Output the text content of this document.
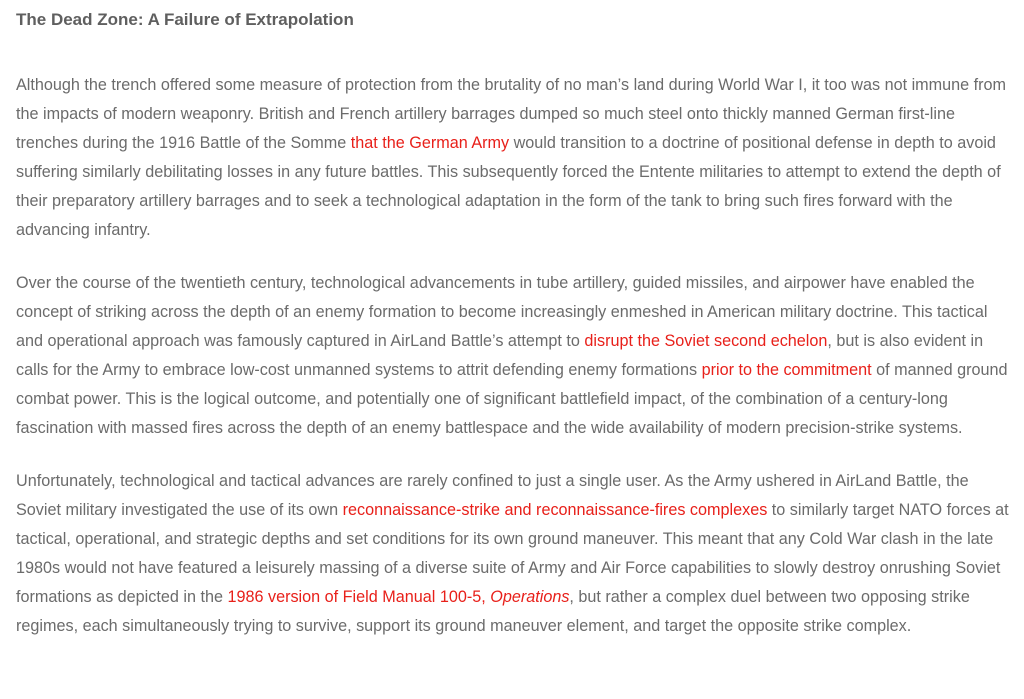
The Dead Zone: A Failure of Extrapolation

Although the trench offered some measure of protection from the brutality of no man’s land during World War I, it too was not immune from the impacts of modern weaponry. British and French artillery barrages dumped so much steel onto thickly manned German first-line trenches during the 1916 Battle of the Somme that the German Army would transition to a doctrine of positional defense in depth to avoid suffering similarly debilitating losses in any future battles. This subsequently forced the Entente militaries to attempt to extend the depth of their preparatory artillery barrages and to seek a technological adaptation in the form of the tank to bring such fires forward with the advancing infantry.

Over the course of the twentieth century, technological advancements in tube artillery, guided missiles, and airpower have enabled the concept of striking across the depth of an enemy formation to become increasingly enmeshed in American military doctrine. This tactical and operational approach was famously captured in AirLand Battle’s attempt to disrupt the Soviet second echelon, but is also evident in calls for the Army to embrace low-cost unmanned systems to attrit defending enemy formations prior to the commitment of manned ground combat power. This is the logical outcome, and potentially one of significant battlefield impact, of the combination of a century-long fascination with massed fires across the depth of an enemy battlespace and the wide availability of modern precision-strike systems.

Unfortunately, technological and tactical advances are rarely confined to just a single user. As the Army ushered in AirLand Battle, the Soviet military investigated the use of its own reconnaissance-strike and reconnaissance-fires complexes to similarly target NATO forces at tactical, operational, and strategic depths and set conditions for its own ground maneuver. This meant that any Cold War clash in the late 1980s would not have featured a leisurely massing of a diverse suite of Army and Air Force capabilities to slowly destroy onrushing Soviet formations as depicted in the 1986 version of Field Manual 100-5, Operations, but rather a complex duel between two opposing strike regimes, each simultaneously trying to survive, support its ground maneuver element, and target the opposite strike complex.
